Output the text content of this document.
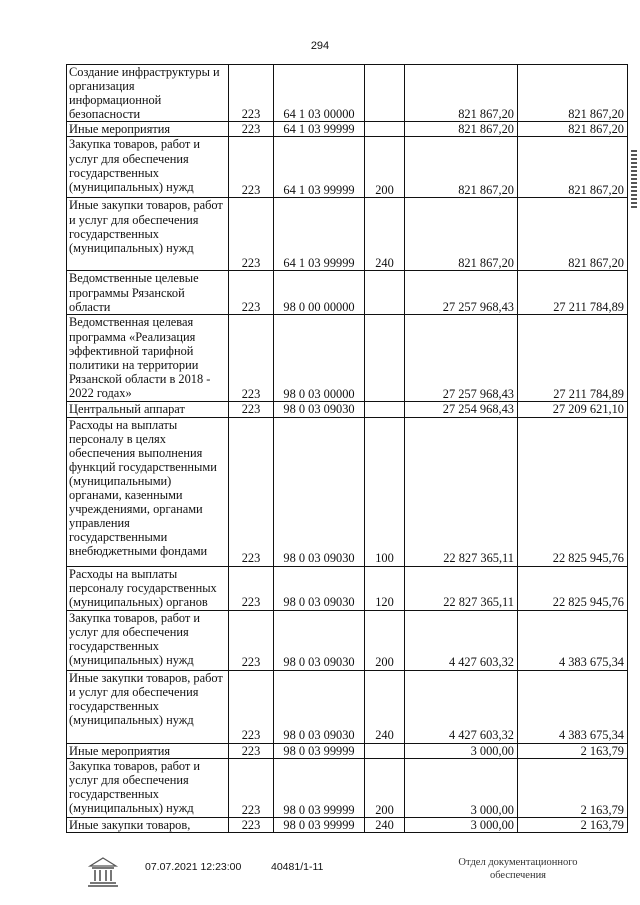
294
Создание инфраструктуры и организация информационной безопасности	223	64 1 03 00000		821 867,20	821 867,20
Иные мероприятия	223	64 1 03 99999		821 867,20	821 867,20
Закупка товаров, работ и услуг для обеспечения государственных (муниципальных) нужд	223	64 1 03 99999	200	821 867,20	821 867,20
Иные закупки товаров, работ и услуг для обеспечения государственных (муниципальных) нужд	223	64 1 03 99999	240	821 867,20	821 867,20
Ведомственные целевые программы Рязанской области	223	98 0 00 00000		27 257 968,43	27 211 784,89
Ведомственная целевая программа «Реализация эффективной тарифной политики на территории Рязанской области в 2018 - 2022 годах»	223	98 0 03 00000		27 257 968,43	27 211 784,89
Центральный аппарат	223	98 0 03 09030		27 254 968,43	27 209 621,10
Расходы на выплаты персоналу в целях обеспечения выполнения функций государственными (муниципальными) органами, казенными учреждениями, органами управления государственными внебюджетными фондами	223	98 0 03 09030	100	22 827 365,11	22 825 945,76
Расходы на выплаты персоналу государственных (муниципальных) органов	223	98 0 03 09030	120	22 827 365,11	22 825 945,76
Закупка товаров, работ и услуг для обеспечения государственных (муниципальных) нужд	223	98 0 03 09030	200	4 427 603,32	4 383 675,34
Иные закупки товаров, работ и услуг для обеспечения государственных (муниципальных) нужд	223	98 0 03 09030	240	4 427 603,32	4 383 675,34
Иные мероприятия	223	98 0 03 99999		3 000,00	2 163,79
Закупка товаров, работ и услуг для обеспечения государственных (муниципальных) нужд	223	98 0 03 99999	200	3 000,00	2 163,79
Иные закупки товаров,	223	98 0 03 99999	240	3 000,00	2 163,79
07.07.2021 12:23:00	40481/1-11	Отдел документационного обеспечения
